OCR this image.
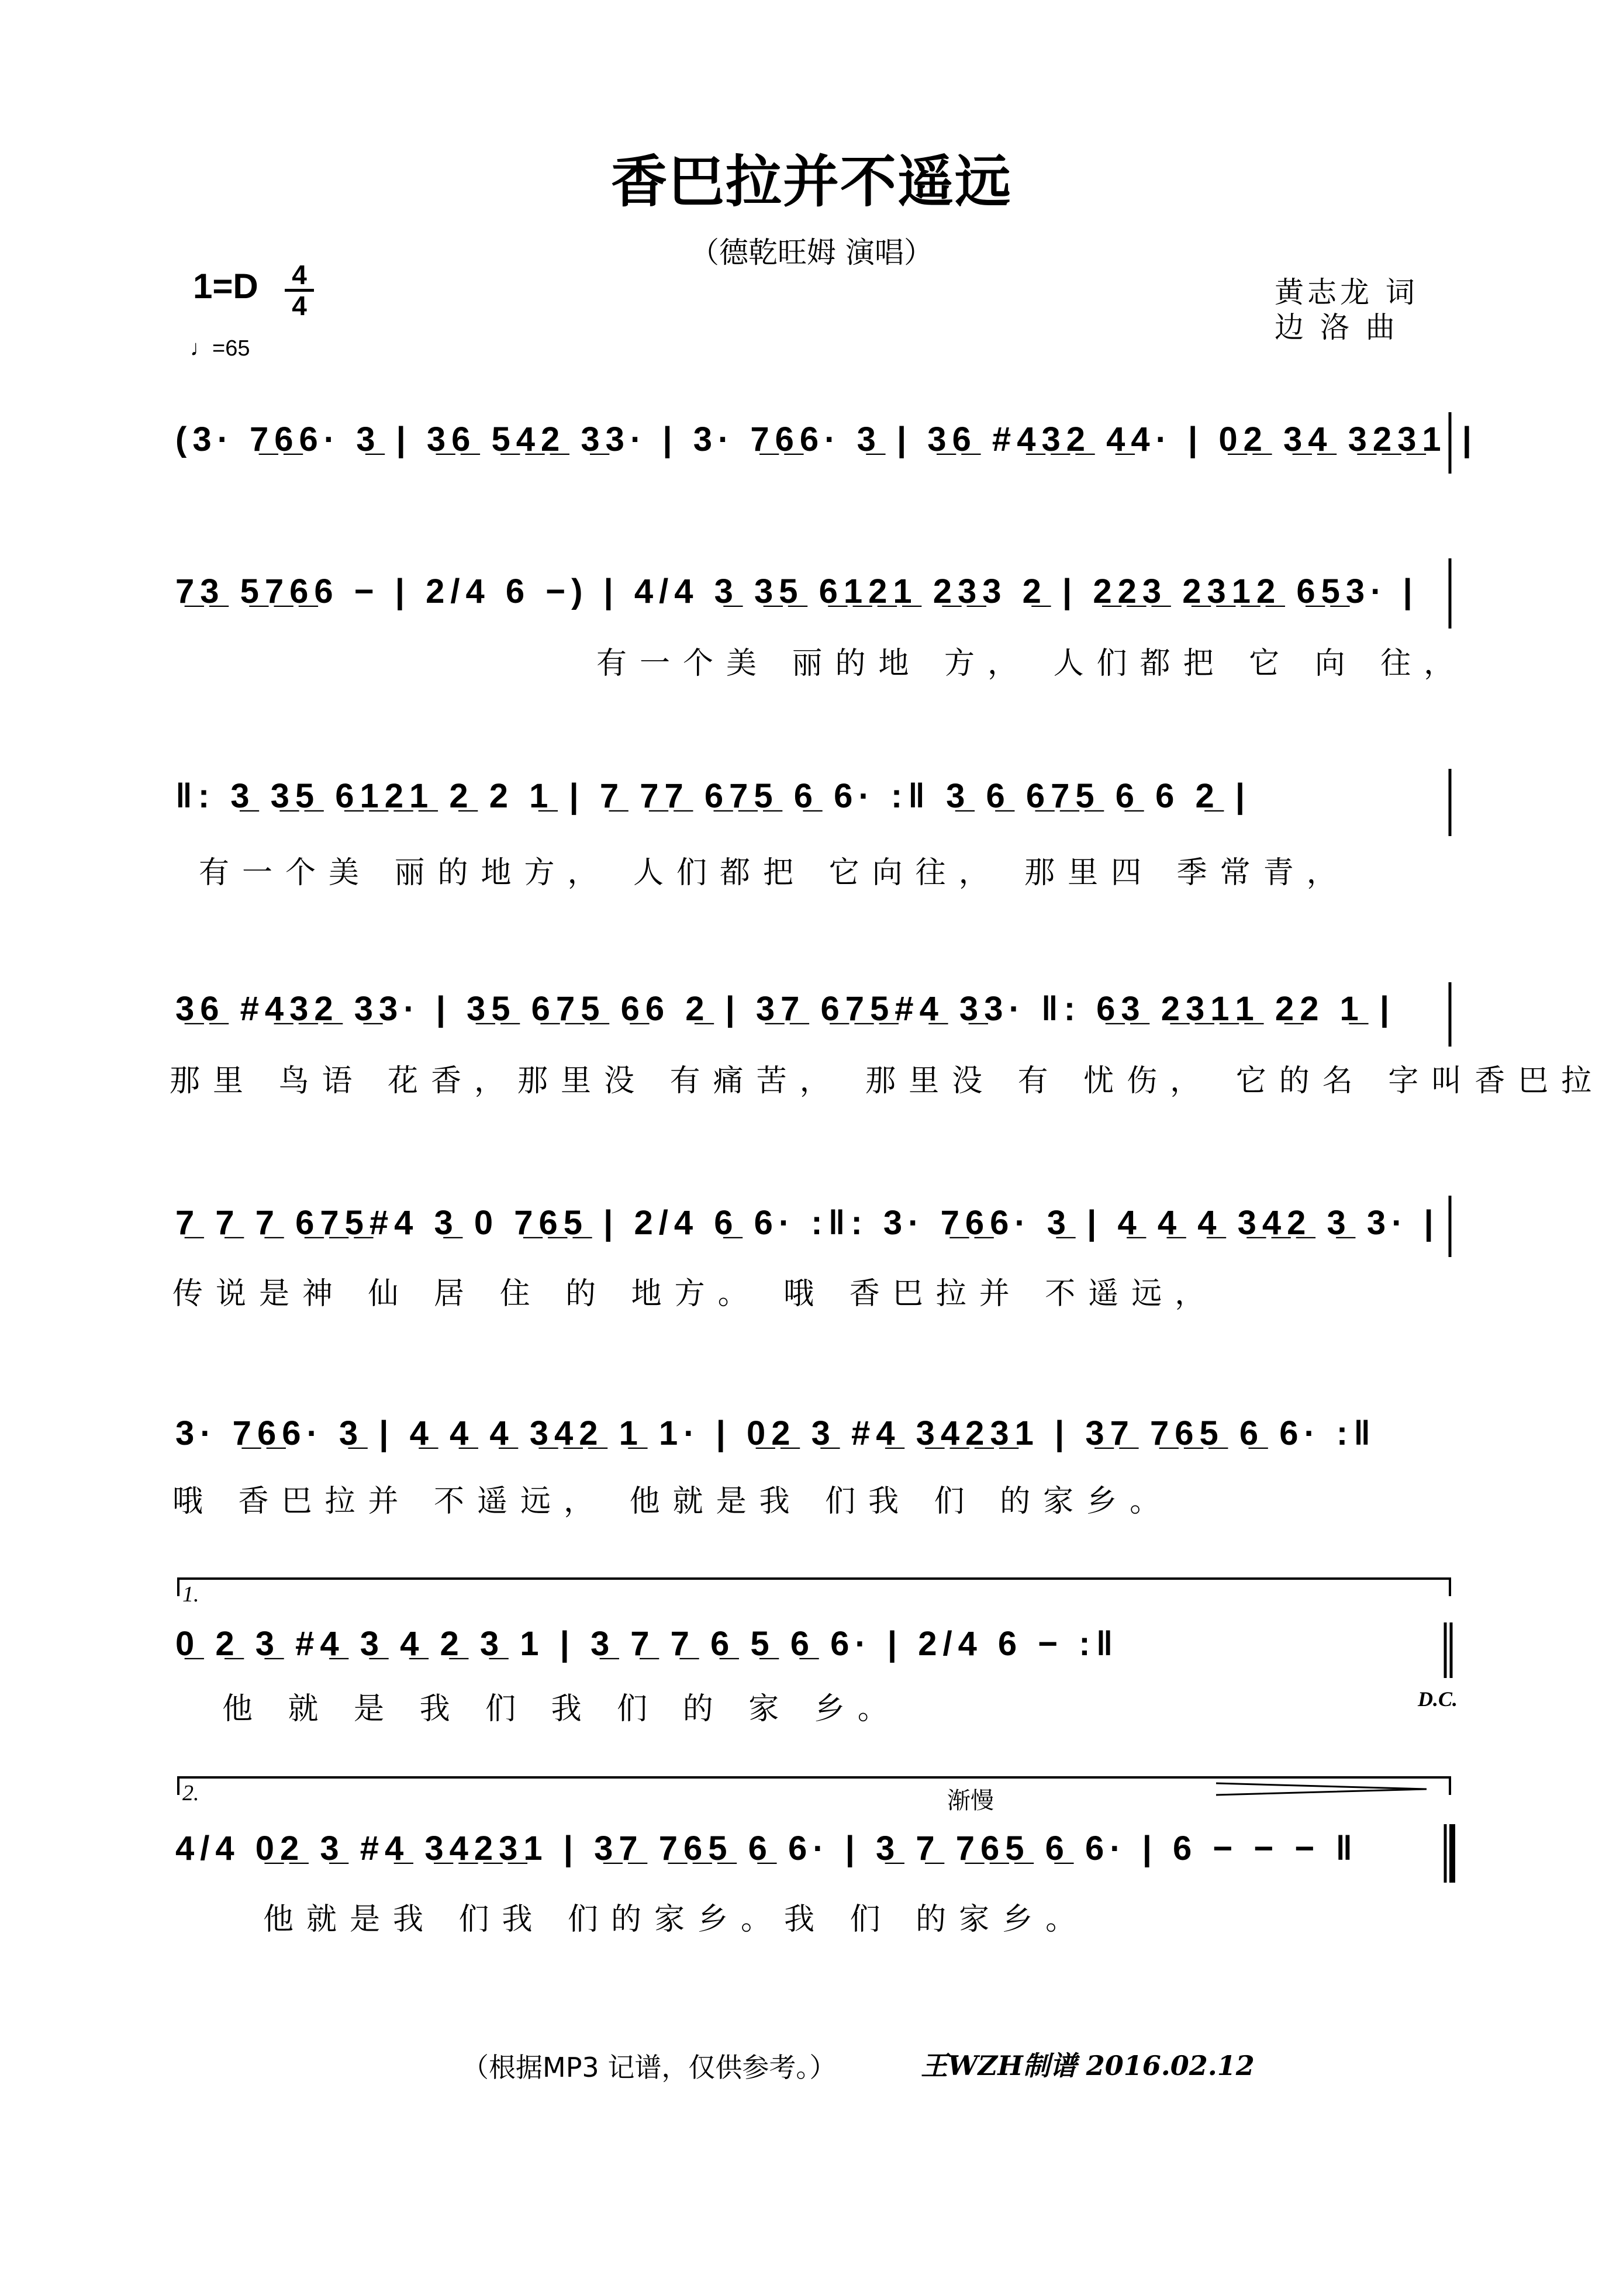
香巴拉并不遥远
（德乾旺姆 演唱）
1=D 4
4
♩=65
黄志龙 词
边 洛 曲
(3· 7̲6̲6· 3̲ | 3̲6̲ 5̲4̲2̲ 3̲3· | 3· 7̲6̲6· 3̲ | 3̲6̲ #4̲3̲2̲ 4̲4· | 0̲2̲ 3̲4̲ 3̲2̲3̲1 |
7̲3̲ 5̲7̲6̲6 − | 2/4 6 −) | 4/4 3̲ 3̲5̲ 6̲1̲2̲1̲ 2̲3̲3 2̲ | 2̲2̲3̲ 2̲3̲1̲2̲ 6̲5̲3· |
有一个美 丽的地 方， 人们都把 它 向 往，
‖: 3̲ 3̲5̲ 6̲1̲2̲1̲ 2̲ 2 1̲ | 7̲ 7̲7̲ 6̲7̲5̲ 6̲ 6· :‖ 3̲ 6̲ 6̲7̲5̲ 6̲ 6 2̲ |
有一个美 丽的地方， 人们都把 它向往， 那里四 季常青，
3̲6̲ #4̲3̲2̲ 3̲3· | 3̲5̲ 6̲7̲5̲ 6̲6 2̲ | 3̲7̲ 6̲7̲5̲#4̲ 3̲3· ‖: 6̲3̲ 2̲3̲1̲1̲ 2̲2 1̲ |
那里 鸟语 花香，那里没 有痛苦， 那里没 有 忧伤， 它的名 字叫香巴拉
7̲ 7̲ 7̲ 6̲7̲5̲#4 3̲ 0 7̲6̲5̲ | 2/4 6̲ 6· :‖: 3· 7̲6̲6· 3̲ | 4̲ 4̲ 4̲ 3̲4̲2̲ 3̲ 3· |
传说是神 仙 居 住 的 地方。 哦 香巴拉并 不遥远，
3· 7̲6̲6· 3̲ | 4̲ 4̲ 4̲ 3̲4̲2̲ 1̲ 1· | 0̲2̲ 3̲ #4̲ 3̲4̲2̲3̲1 | 3̲7̲ 7̲6̲5̲ 6̲ 6· :‖
哦 香巴拉并 不遥远， 他就是我 们我 们 的家乡。
1.
0̲ 2̲ 3̲ #4̲ 3̲ 4̲ 2̲ 3̲ 1 | 3̲ 7̲ 7̲ 6̲ 5̲ 6̲ 6· | 2/4 6 − :‖
他 就 是 我 们 我 们 的 家 乡。	D.C.
2.	渐慢
4/4 0̲2̲ 3̲ #4̲ 3̲4̲2̲3̲1 | 3̲7̲ 7̲6̲5̲ 6̲ 6· | 3̲ 7̲ 7̲6̲5̲ 6̲ 6· | 6 − − − ‖
他就是我 们我 们的家乡。我 们 的家乡。
（根据MP3 记谱，仅供参考。）	王WZH制谱 2016.02.12
